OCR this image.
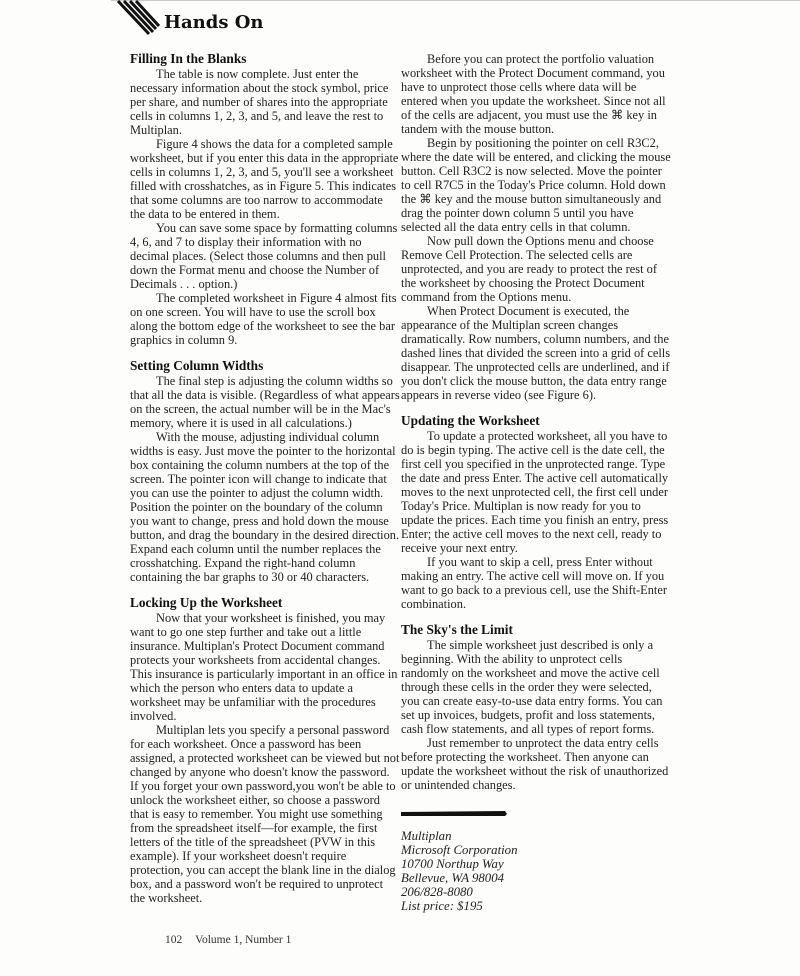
Hands On
Filling In the Blanks

The table is now complete. Just enter the necessary information about the stock symbol, price per share, and number of shares into the appropriate cells in columns 1, 2, 3, and 5, and leave the rest to Multiplan.

Figure 4 shows the data for a completed sample worksheet, but if you enter this data in the appropriate cells in columns 1, 2, 3, and 5, you'll see a worksheet filled with crosshatches, as in Figure 5. This indicates that some columns are too narrow to accommodate the data to be entered in them.

You can save some space by formatting columns 4, 6, and 7 to display their information with no decimal places. (Select those columns and then pull down the Format menu and choose the Number of Decimals . . . option.)

The completed worksheet in Figure 4 almost fits on one screen. You will have to use the scroll box along the bottom edge of the worksheet to see the bar graphics in column 9.

Setting Column Widths

The final step is adjusting the column widths so that all the data is visible. (Regardless of what appears on the screen, the actual number will be in the Mac's memory, where it is used in all calculations.)

With the mouse, adjusting individual column widths is easy. Just move the pointer to the horizontal box containing the column numbers at the top of the screen. The pointer icon will change to indicate that you can use the pointer to adjust the column width. Position the pointer on the boundary of the column you want to change, press and hold down the mouse button, and drag the boundary in the desired direction. Expand each column until the number replaces the crosshatching. Expand the right-hand column containing the bar graphs to 30 or 40 characters.

Locking Up the Worksheet

Now that your worksheet is finished, you may want to go one step further and take out a little insurance. Multiplan's Protect Document command protects your worksheets from accidental changes. This insurance is particularly important in an office in which the person who enters data to update a worksheet may be unfamiliar with the procedures involved.

Multiplan lets you specify a personal password for each worksheet. Once a password has been assigned, a protected worksheet can be viewed but not changed by anyone who doesn't know the password. If you forget your own password,you won't be able to unlock the worksheet either, so choose a password that is easy to remember. You might use something from the spreadsheet itself—for example, the first letters of the title of the spreadsheet (PVW in this example). If your worksheet doesn't require protection, you can accept the blank line in the dialog box, and a password won't be required to unprotect the worksheet.

Before you can protect the portfolio valuation worksheet with the Protect Document command, you have to unprotect those cells where data will be entered when you update the worksheet. Since not all of the cells are adjacent, you must use the ⌘ key in tandem with the mouse button.

Begin by positioning the pointer on cell R3C2, where the date will be entered, and clicking the mouse button. Cell R3C2 is now selected. Move the pointer to cell R7C5 in the Today's Price column. Hold down the ⌘ key and the mouse button simultaneously and drag the pointer down column 5 until you have selected all the data entry cells in that column.

Now pull down the Options menu and choose Remove Cell Protection. The selected cells are unprotected, and you are ready to protect the rest of the worksheet by choosing the Protect Document command from the Options menu.

When Protect Document is executed, the appearance of the Multiplan screen changes dramatically. Row numbers, column numbers, and the dashed lines that divided the screen into a grid of cells disappear. The unprotected cells are underlined, and if you don't click the mouse button, the data entry range appears in reverse video (see Figure 6).

Updating the Worksheet

To update a protected worksheet, all you have to do is begin typing. The active cell is the date cell, the first cell you specified in the unprotected range. Type the date and press Enter. The active cell automatically moves to the next unprotected cell, the first cell under Today's Price. Multiplan is now ready for you to update the prices. Each time you finish an entry, press Enter; the active cell moves to the next cell, ready to receive your next entry.

If you want to skip a cell, press Enter without making an entry. The active cell will move on. If you want to go back to a previous cell, use the Shift-Enter combination.

The Sky's the Limit

The simple worksheet just described is only a beginning. With the ability to unprotect cells randomly on the worksheet and move the active cell through these cells in the order they were selected, you can create easy-to-use data entry forms. You can set up invoices, budgets, profit and loss statements, cash flow statements, and all types of report forms.

Just remember to unprotect the data entry cells before protecting the worksheet. Then anyone can update the worksheet without the risk of unauthorized or unintended changes.

Multiplan
Microsoft Corporation
10700 Northup Way
Bellevue, WA 98004
206/828-8080
List price: $195
102 Volume 1, Number 1
